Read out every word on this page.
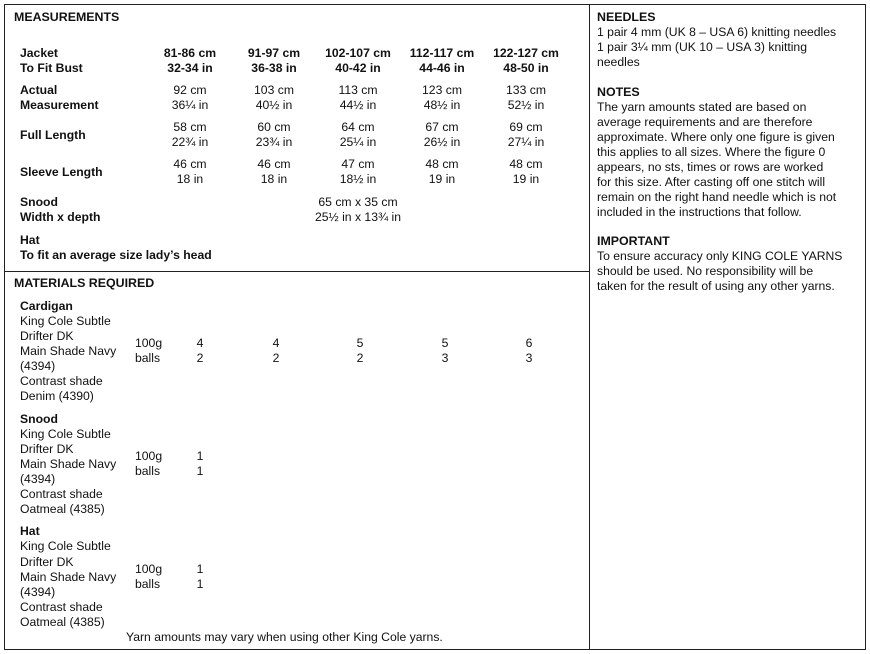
MEASUREMENTS
Jacket
To Fit Bust
81-86 cm
32-34 in
91-97 cm
36-38 in
102-107 cm
40-42 in
112-117 cm
44-46 in
122-127 cm
48-50 in
Actual
Measurement
92 cm
36¼ in
103 cm
40½ in
113 cm
44½ in
123 cm
48½ in
133 cm
52½ in
Full Length
58 cm
22¾ in
60 cm
23¾ in
64 cm
25¼ in
67 cm
26½ in
69 cm
27¼ in
Sleeve Length
46 cm
18 in
46 cm
18 in
47 cm
18½ in
48 cm
19 in
48 cm
19 in
Snood
Width x depth
65 cm x 35 cm
25½ in x 13¾ in
Hat
To fit an average size lady’s head
MATERIALS REQUIRED
Cardigan
King Cole Subtle
Drifter DK
Main Shade Navy
(4394)
Contrast shade
Denim (4390)
100g
balls
4
2
4
2
5
2
5
3
6
3
Snood
King Cole Subtle
Drifter DK
Main Shade Navy
(4394)
Contrast shade
Oatmeal (4385)
100g
balls
1
1
Hat
King Cole Subtle
Drifter DK
Main Shade Navy
(4394)
Contrast shade
Oatmeal (4385)
100g
balls
1
1
Yarn amounts may vary when using other King Cole yarns.
NEEDLES
1 pair 4 mm (UK 8 – USA 6) knitting needles
1 pair 3¼ mm (UK 10 – USA 3) knitting
needles
NOTES
The yarn amounts stated are based on
average requirements and are therefore
approximate. Where only one figure is given
this applies to all sizes. Where the figure 0
appears, no sts, times or rows are worked
for this size. After casting off one stitch will
remain on the right hand needle which is not
included in the instructions that follow.
IMPORTANT
To ensure accuracy only KING COLE YARNS
should be used. No responsibility will be
taken for the result of using any other yarns.
